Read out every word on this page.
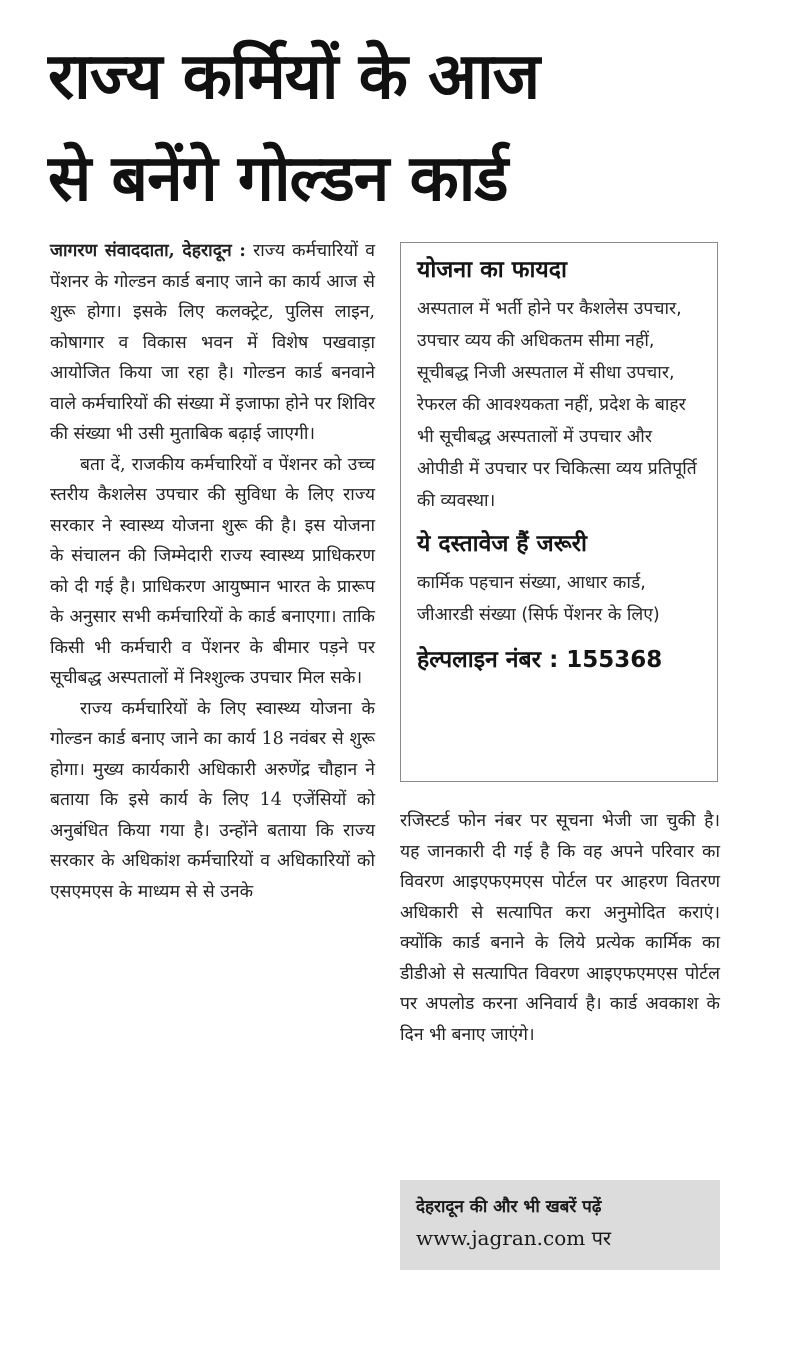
राज्य कर्मियों के आज
से बनेंगे गोल्डन कार्ड

जागरण संवाददाता, देहरादून : राज्य कर्मचारियों व पेंशनर के गोल्डन कार्ड बनाए जाने का कार्य आज से शुरू होगा। इसके लिए कलक्ट्रेट, पुलिस लाइन, कोषागार व विकास भवन में विशेष पखवाड़ा आयोजित किया जा रहा है। गोल्डन कार्ड बनवाने वाले कर्मचारियों की संख्या में इजाफा होने पर शिविर की संख्या भी उसी मुताबिक बढ़ाई जाएगी।

बता दें, राजकीय कर्मचारियों व पेंशनर को उच्च स्तरीय कैशलेस उपचार की सुविधा के लिए राज्य सरकार ने स्वास्थ्य योजना शुरू की है। इस योजना के संचालन की जिम्मेदारी राज्य स्वास्थ्य प्राधिकरण को दी गई है। प्राधिकरण आयुष्मान भारत के प्रारूप के अनुसार सभी कर्मचारियों के कार्ड बनाएगा। ताकि किसी भी कर्मचारी व पेंशनर के बीमार पड़ने पर सूचीबद्ध अस्पतालों में निश्शुल्क उपचार मिल सके।

राज्य कर्मचारियों के लिए स्वास्थ्य योजना के गोल्डन कार्ड बनाए जाने का कार्य 18 नवंबर से शुरू होगा। मुख्य कार्यकारी अधिकारी अरुणेंद्र चौहान ने बताया कि इसे कार्य के लिए 14 एजेंसियों को अनुबंधित किया गया है। उन्होंने बताया कि राज्य सरकार के अधिकांश कर्मचारियों व अधिकारियों को एसएमएस के माध्यम से से उनके

योजना का फायदा
अस्पताल में भर्ती होने पर कैशलेस उपचार, उपचार व्यय की अधिकतम सीमा नहीं, सूचीबद्ध निजी अस्पताल में सीधा उपचार, रेफरल की आवश्यकता नहीं, प्रदेश के बाहर भी सूचीबद्ध अस्पतालों में उपचार और ओपीडी में उपचार पर चिकित्सा व्यय प्रतिपूर्ति की व्यवस्था।
ये दस्तावेज हैं जरूरी
कार्मिक पहचान संख्या, आधार कार्ड, जीआरडी संख्या (सिर्फ पेंशनर के लिए)
हेल्पलाइन नंबर : 155368

रजिस्टर्ड फोन नंबर पर सूचना भेजी जा चुकी है। यह जानकारी दी गई है कि वह अपने परिवार का विवरण आइएफएमएस पोर्टल पर आहरण वितरण अधिकारी से सत्यापित करा अनुमोदित कराएं। क्योंकि कार्ड बनाने के लिये प्रत्येक कार्मिक का डीडीओ से सत्यापित विवरण आइएफएमएस पोर्टल पर अपलोड करना अनिवार्य है। कार्ड अवकाश के दिन भी बनाए जाएंगे।

देहरादून की और भी खबरें पढ़ें
www.jagran.com पर
